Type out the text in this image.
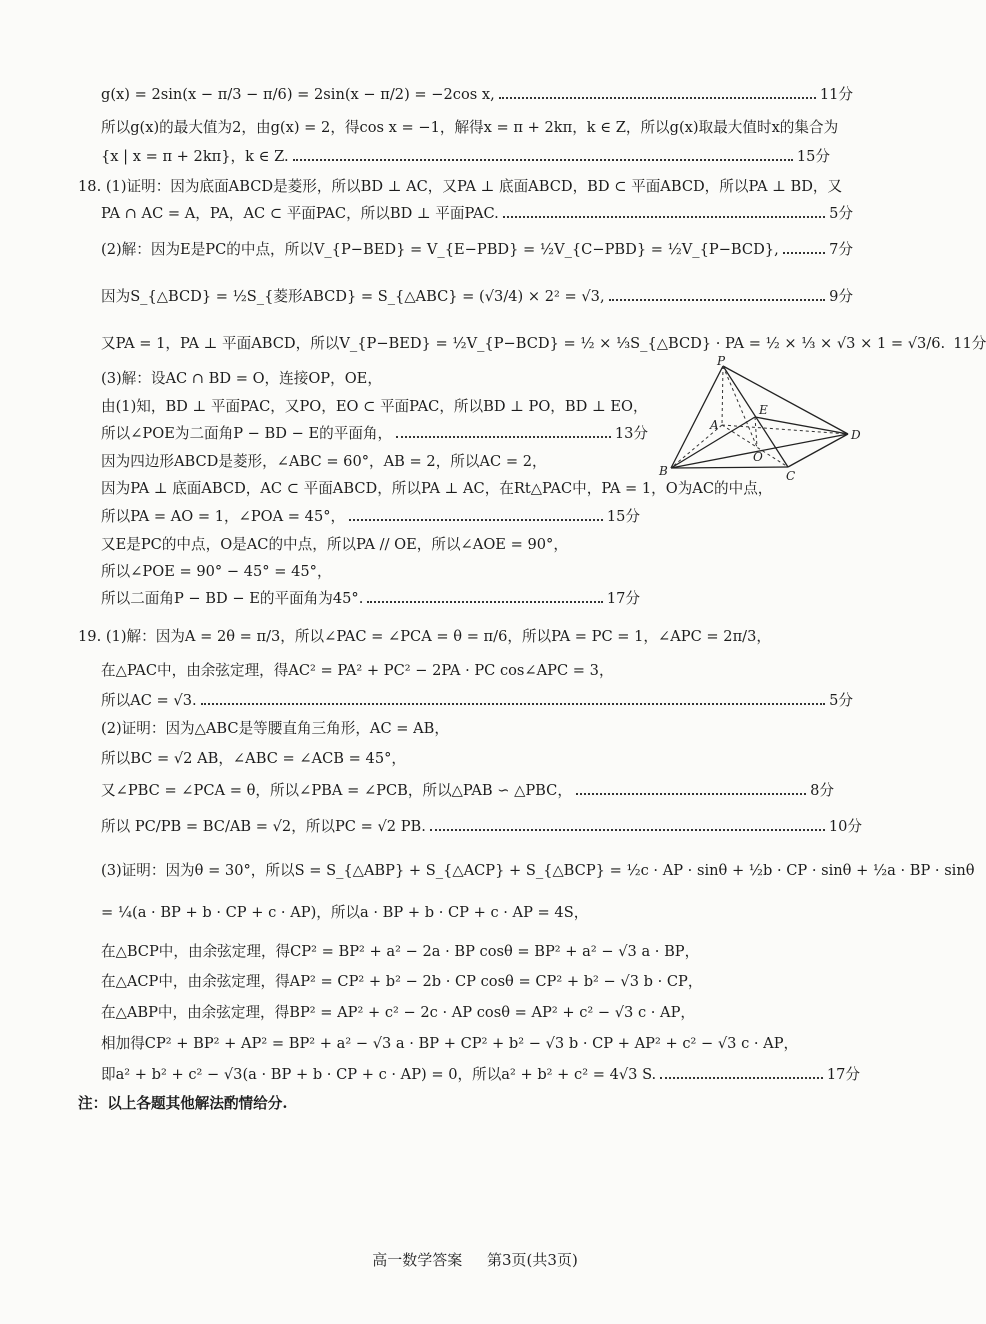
g(x) = 2sin(x − π/3 − π/6) = 2sin(x − π/2) = −2cos x,	11分
所以g(x)的最大值为2，由g(x) = 2，得cos x = −1，解得x = π + 2kπ，k ∈ Z，所以g(x)取最大值时x的集合为
{x | x = π + 2kπ}，k ∈ Z.	15分
18. (1)证明：因为底面ABCD是菱形，所以BD ⊥ AC，又PA ⊥ 底面ABCD，BD ⊂ 平面ABCD，所以PA ⊥ BD，又
PA ∩ AC = A，PA，AC ⊂ 平面PAC，所以BD ⊥ 平面PAC.	5分
(2)解：因为E是PC的中点，所以V_{P−BED} = V_{E−PBD} = ½V_{C−PBD} = ½V_{P−BCD},	7分
因为S_{△BCD} = ½S_{菱形ABCD} = S_{△ABC} = (√3/4) × 2² = √3,	9分
又PA = 1，PA ⊥ 平面ABCD，所以V_{P−BED} = ½V_{P−BCD} = ½ × ⅓S_{△BCD} · PA = ½ × ⅓ × √3 × 1 = √3/6. 11分
(3)解：设AC ∩ BD = O，连接OP，OE，
由(1)知，BD ⊥ 平面PAC，又PO，EO ⊂ 平面PAC，所以BD ⊥ PO，BD ⊥ EO，
所以∠POE为二面角P − BD − E的平面角，	13分
因为四边形ABCD是菱形，∠ABC = 60°，AB = 2，所以AC = 2，
因为PA ⊥ 底面ABCD，AC ⊂ 平面ABCD，所以PA ⊥ AC，在Rt△PAC中，PA = 1，O为AC的中点，
所以PA = AO = 1，∠POA = 45°，	15分
又E是PC的中点，O是AC的中点，所以PA // OE，所以∠AOE = 90°，
所以∠POE = 90° − 45° = 45°，
所以二面角P − BD − E的平面角为45°.	17分
19. (1)解：因为A = 2θ = π/3，所以∠PAC = ∠PCA = θ = π/6，所以PA = PC = 1，∠APC = 2π/3，
在△PAC中，由余弦定理，得AC² = PA² + PC² − 2PA · PC cos∠APC = 3，
所以AC = √3.	5分
(2)证明：因为△ABC是等腰直角三角形，AC = AB，
所以BC = √2 AB，∠ABC = ∠ACB = 45°，
又∠PBC = ∠PCA = θ，所以∠PBA = ∠PCB，所以△PAB ∽ △PBC，	8分
所以 PC/PB = BC/AB = √2，所以PC = √2 PB.	10分
(3)证明：因为θ = 30°，所以S = S_{△ABP} + S_{△ACP} + S_{△BCP} = ½c · AP · sinθ + ½b · CP · sinθ + ½a · BP · sinθ
= ¼(a · BP + b · CP + c · AP)，所以a · BP + b · CP + c · AP = 4S，
在△BCP中，由余弦定理，得CP² = BP² + a² − 2a · BP cosθ = BP² + a² − √3 a · BP，
在△ACP中，由余弦定理，得AP² = CP² + b² − 2b · CP cosθ = CP² + b² − √3 b · CP，
在△ABP中，由余弦定理，得BP² = AP² + c² − 2c · AP cosθ = AP² + c² − √3 c · AP，
相加得CP² + BP² + AP² = BP² + a² − √3 a · BP + CP² + b² − √3 b · CP + AP² + c² − √3 c · AP，
即a² + b² + c² − √3(a · BP + b · CP + c · AP) = 0，所以a² + b² + c² = 4√3 S.	17分
注：以上各题其他解法酌情给分.
P
A
B	C
D
E
O
高一数学答案 第3页(共3页)
